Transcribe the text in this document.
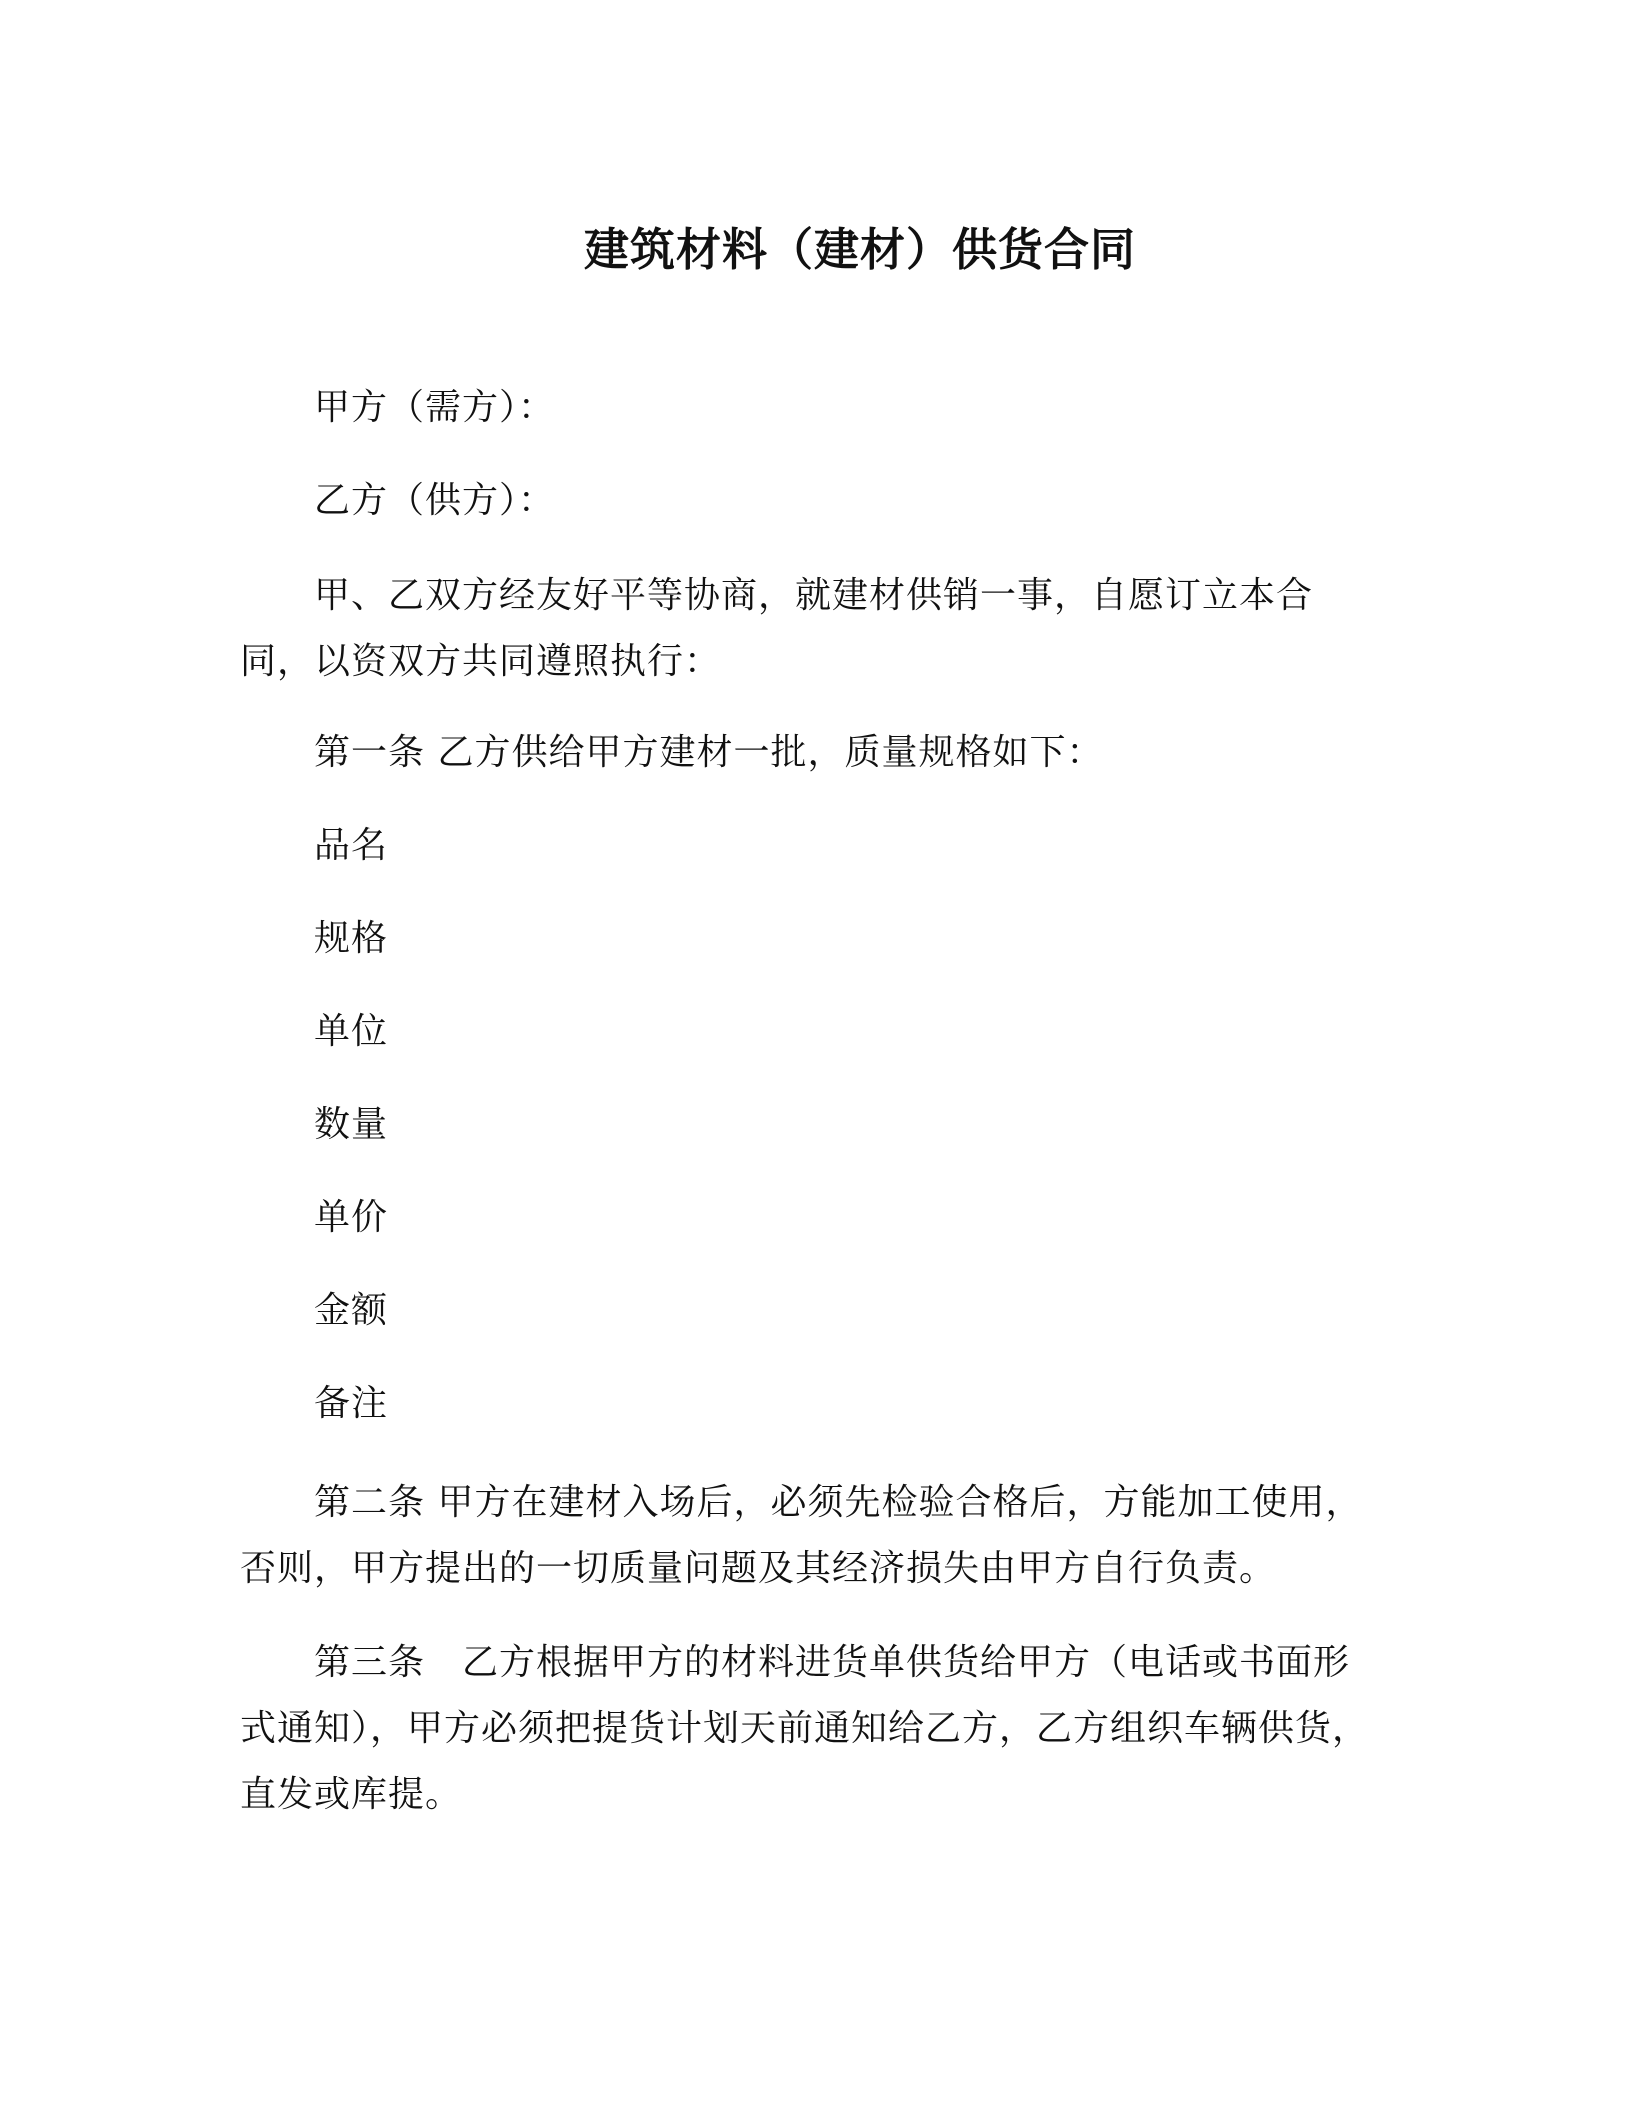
建筑材料（建材）供货合同

甲方（需方）：

乙方（供方）：

甲、乙双方经友好平等协商，就建材供销一事，自愿订立本合同，以资双方共同遵照执行：

第一条 乙方供给甲方建材一批，质量规格如下：

品名

规格

单位

数量

单价

金额

备注

第二条 甲方在建材入场后，必须先检验合格后，方能加工使用，否则，甲方提出的一切质量问题及其经济损失由甲方自行负责。

第三条　乙方根据甲方的材料进货单供货给甲方（电话或书面形式通知），甲方必须把提货计划天前通知给乙方，乙方组织车辆供货，直发或库提。
